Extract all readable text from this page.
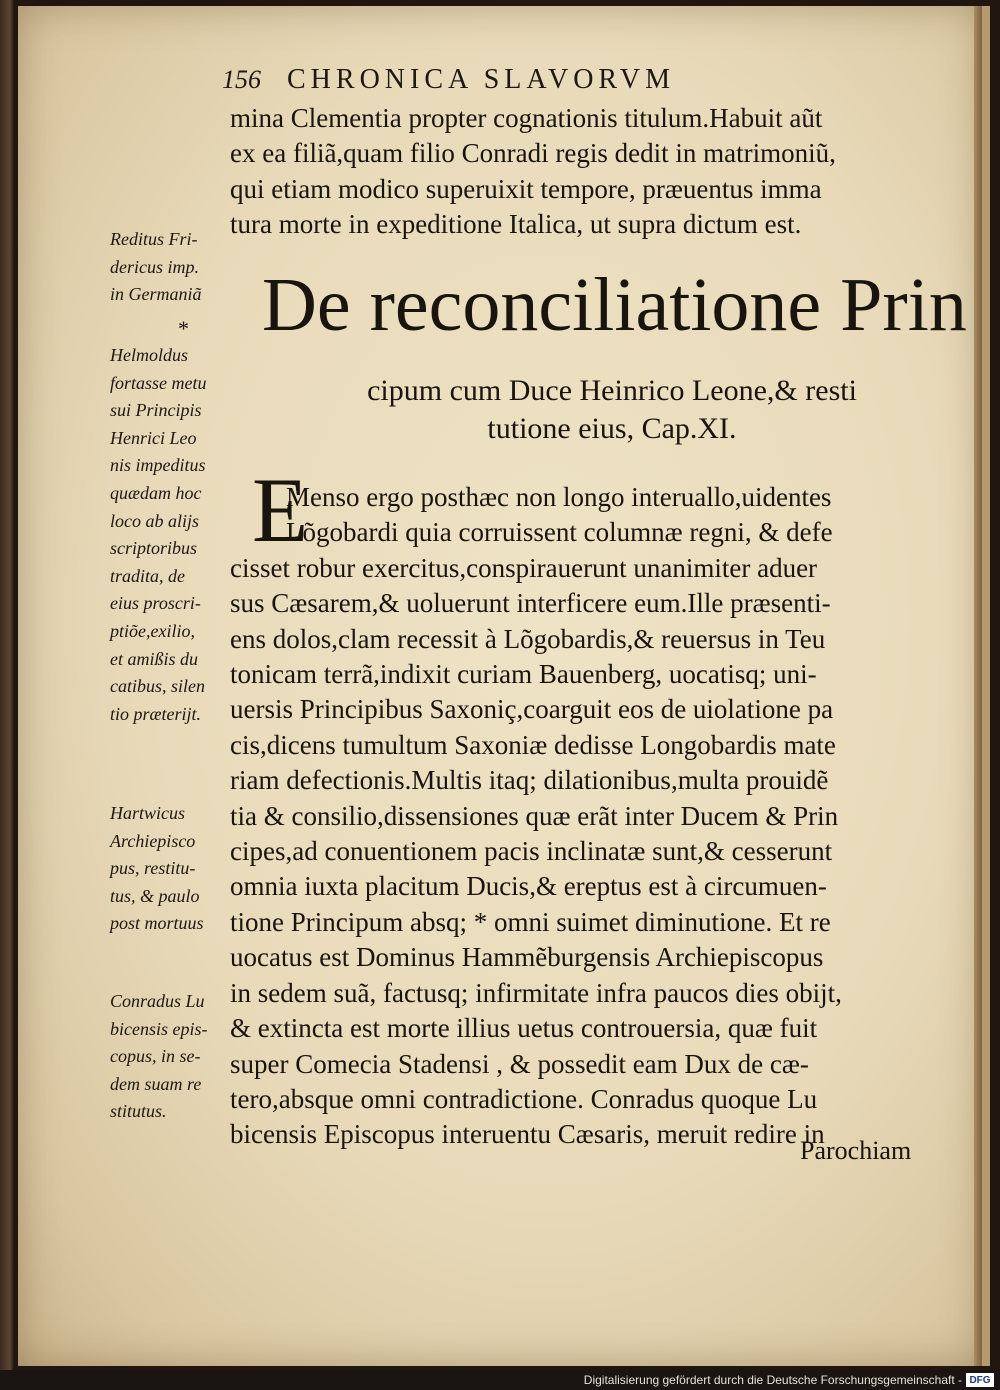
156 CHRONICA SLAVORVM
mina Clementia propter cognationis titulum.Habuit aũt
ex ea filiã,quam filio Conradi regis dedit in matrimoniũ,
qui etiam modico superuixit tempore, præuentus imma
tura morte in expeditione Italica, ut supra dictum est.
De reconciliatione Prin
cipum cum Duce Heinrico Leone,& resti
tutione eius, Cap.XI.
E
Menso ergo posthæc non longo interuallo,uidentes
Lõgobardi quia corruissent columnæ regni, & defe
cisset robur exercitus,conspirauerunt unanimiter aduer
sus Cæsarem,& uoluerunt interficere eum.Ille præsenti-
ens dolos,clam recessit à Lõgobardis,& reuersus in Teu
tonicam terrã,indixit curiam Bauenberg, uocatisq; uni-
uersis Principibus Saxoniç,coarguit eos de uiolatione pa
cis,dicens tumultum Saxoniæ dedisse Longobardis mate
riam defectionis.Multis itaq; dilationibus,multa prouidẽ
tia & consilio,dissensiones quæ erãt inter Ducem & Prin
cipes,ad conuentionem pacis inclinatæ sunt,& cesserunt
omnia iuxta placitum Ducis,& ereptus est à circumuen-
tione Principum absq; * omni suimet diminutione. Et re
uocatus est Dominus Hammẽburgensis Archiepiscopus
in sedem suã, factusq; infirmitate infra paucos dies obijt,
& extincta est morte illius uetus controuersia, quæ fuit
super Comecia Stadensi , & possedit eam Dux de cæ-
tero,absque omni contradictione. Conradus quoque Lu
bicensis Episcopus interuentu Cæsaris, meruit redire in
Parochiam
Reditus Fri-
dericus imp.
in Germaniã
*
Helmoldus
fortasse metu
sui Principis
Henrici Leo
nis impeditus
quædam hoc
loco ab alijs
scriptoribus
tradita, de
eius proscri-
ptiõe,exilio,
et amißis du
catibus, silen
tio præterijt.
Hartwicus
Archiepisco
pus, restitu-
tus, & paulo
post mortuus
Conradus Lu
bicensis epis-
copus, in se-
dem suam re
stitutus.
Digitalisierung gefördert durch die Deutsche Forschungsgemeinschaft - DFG
